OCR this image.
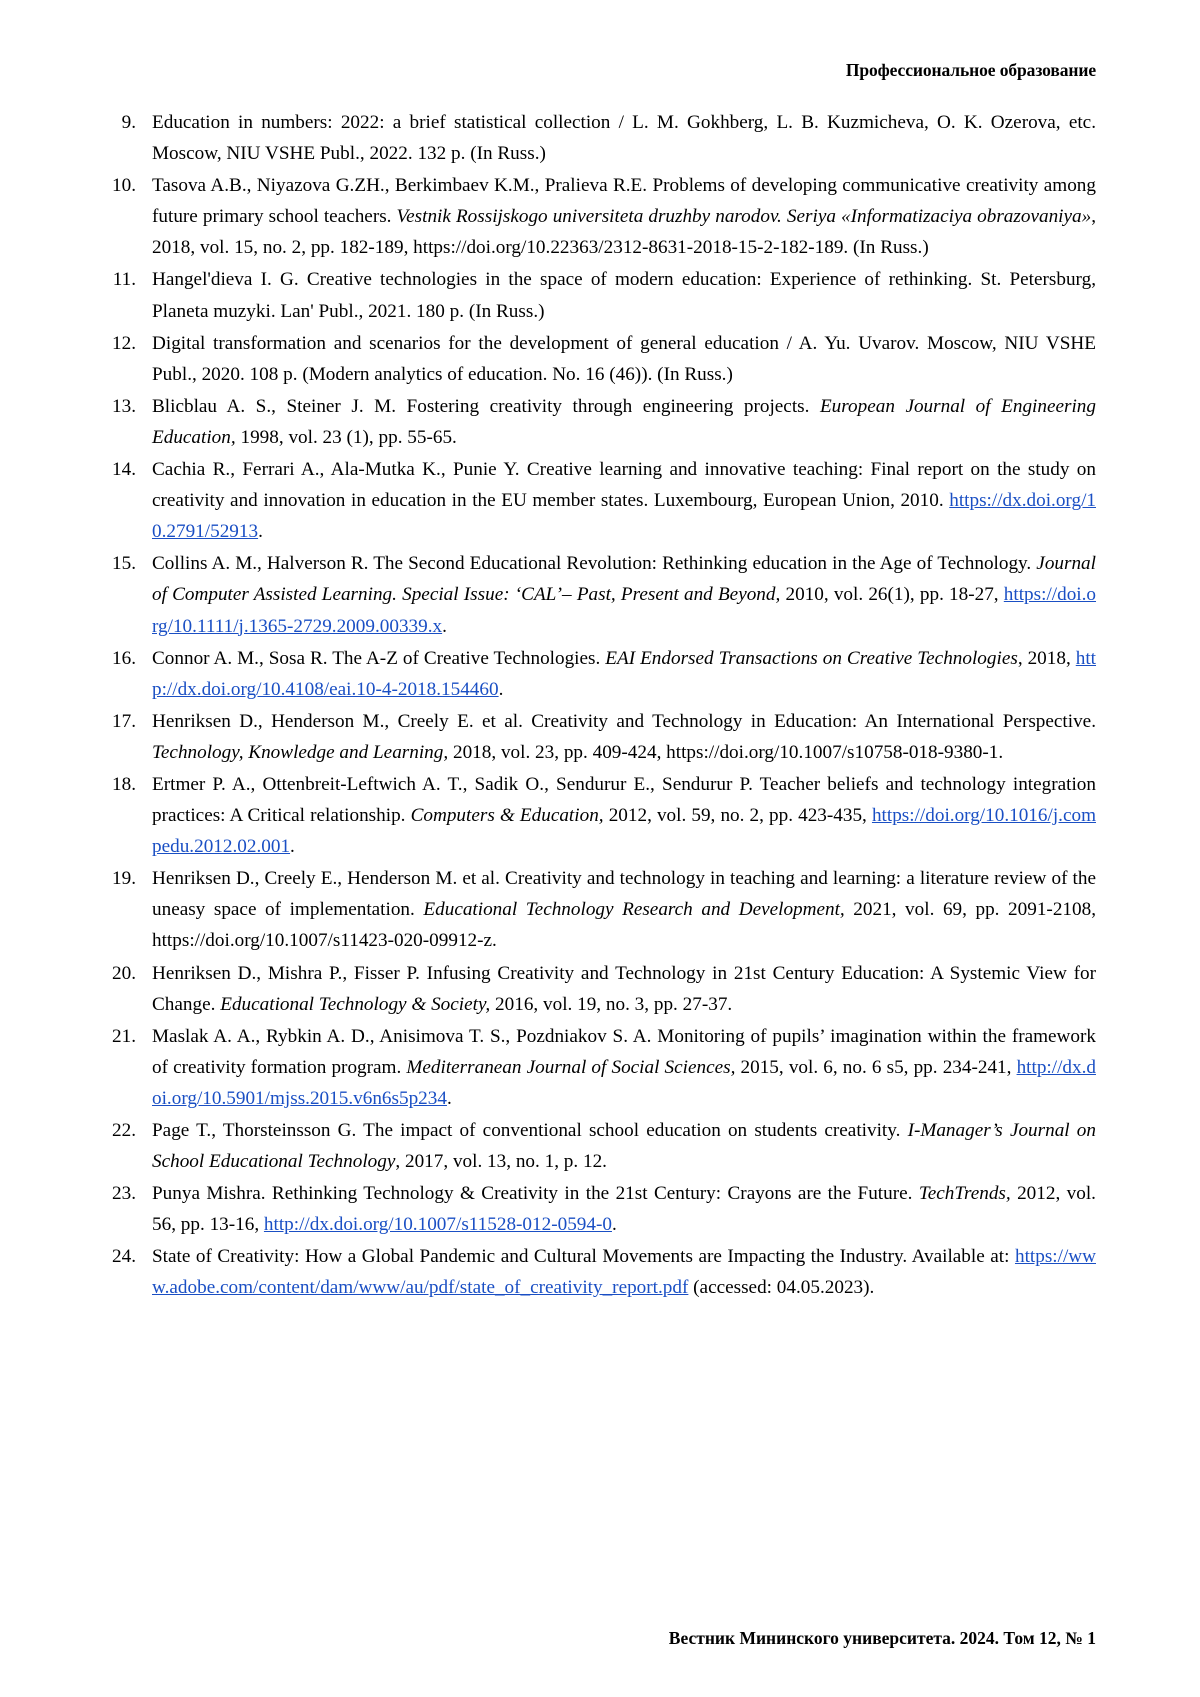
Профессиональное образование
9. Education in numbers: 2022: a brief statistical collection / L. M. Gokhberg, L. B. Kuzmicheva, O. K. Ozerova, etc. Moscow, NIU VSHE Publ., 2022. 132 p. (In Russ.)
10. Tasova A.B., Niyazova G.ZH., Berkimbaev K.M., Pralieva R.E. Problems of developing communicative creativity among future primary school teachers. Vestnik Rossijskogo universiteta druzhby narodov. Seriya «Informatizaciya obrazovaniya», 2018, vol. 15, no. 2, pp. 182-189, https://doi.org/10.22363/2312-8631-2018-15-2-182-189. (In Russ.)
11. Hangel'dieva I. G. Creative technologies in the space of modern education: Experience of rethinking. St. Petersburg, Planeta muzyki. Lan' Publ., 2021. 180 p. (In Russ.)
12. Digital transformation and scenarios for the development of general education / A. Yu. Uvarov. Moscow, NIU VSHE Publ., 2020. 108 p. (Modern analytics of education. No. 16 (46)). (In Russ.)
13. Blicblau A. S., Steiner J. M. Fostering creativity through engineering projects. European Journal of Engineering Education, 1998, vol. 23 (1), pp. 55-65.
14. Cachia R., Ferrari A., Ala-Mutka K., Punie Y. Creative learning and innovative teaching: Final report on the study on creativity and innovation in education in the EU member states. Luxembourg, European Union, 2010. https://dx.doi.org/10.2791/52913.
15. Collins A. M., Halverson R. The Second Educational Revolution: Rethinking education in the Age of Technology. Journal of Computer Assisted Learning. Special Issue: ‘CAL’– Past, Present and Beyond, 2010, vol. 26(1), pp. 18-27, https://doi.org/10.1111/j.1365-2729.2009.00339.x.
16. Connor A. M., Sosa R. The A-Z of Creative Technologies. EAI Endorsed Transactions on Creative Technologies, 2018, http://dx.doi.org/10.4108/eai.10-4-2018.154460.
17. Henriksen D., Henderson M., Creely E. et al. Creativity and Technology in Education: An International Perspective. Technology, Knowledge and Learning, 2018, vol. 23, pp. 409-424, https://doi.org/10.1007/s10758-018-9380-1.
18. Ertmer P. A., Ottenbreit-Leftwich A. T., Sadik O., Sendurur E., Sendurur P. Teacher beliefs and technology integration practices: A Critical relationship. Computers & Education, 2012, vol. 59, no. 2, pp. 423-435, https://doi.org/10.1016/j.compedu.2012.02.001.
19. Henriksen D., Creely E., Henderson M. et al. Creativity and technology in teaching and learning: a literature review of the uneasy space of implementation. Educational Technology Research and Development, 2021, vol. 69, pp. 2091-2108, https://doi.org/10.1007/s11423-020-09912-z.
20. Henriksen D., Mishra P., Fisser P. Infusing Creativity and Technology in 21st Century Education: A Systemic View for Change. Educational Technology & Society, 2016, vol. 19, no. 3, pp. 27-37.
21. Maslak A. A., Rybkin A. D., Anisimova T. S., Pozdniakov S. A. Monitoring of pupils’ imagination within the framework of creativity formation program. Mediterranean Journal of Social Sciences, 2015, vol. 6, no. 6 s5, pp. 234-241, http://dx.doi.org/10.5901/mjss.2015.v6n6s5p234.
22. Page T., Thorsteinsson G. The impact of conventional school education on students creativity. I-Manager’s Journal on School Educational Technology, 2017, vol. 13, no. 1, p. 12.
23. Punya Mishra. Rethinking Technology & Creativity in the 21st Century: Crayons are the Future. TechTrends, 2012, vol. 56, pp. 13-16, http://dx.doi.org/10.1007/s11528-012-0594-0.
24. State of Creativity: How a Global Pandemic and Cultural Movements are Impacting the Industry. Available at: https://www.adobe.com/content/dam/www/au/pdf/state_of_creativity_report.pdf (accessed: 04.05.2023).
Вестник Мининского университета. 2024. Том 12, № 1
